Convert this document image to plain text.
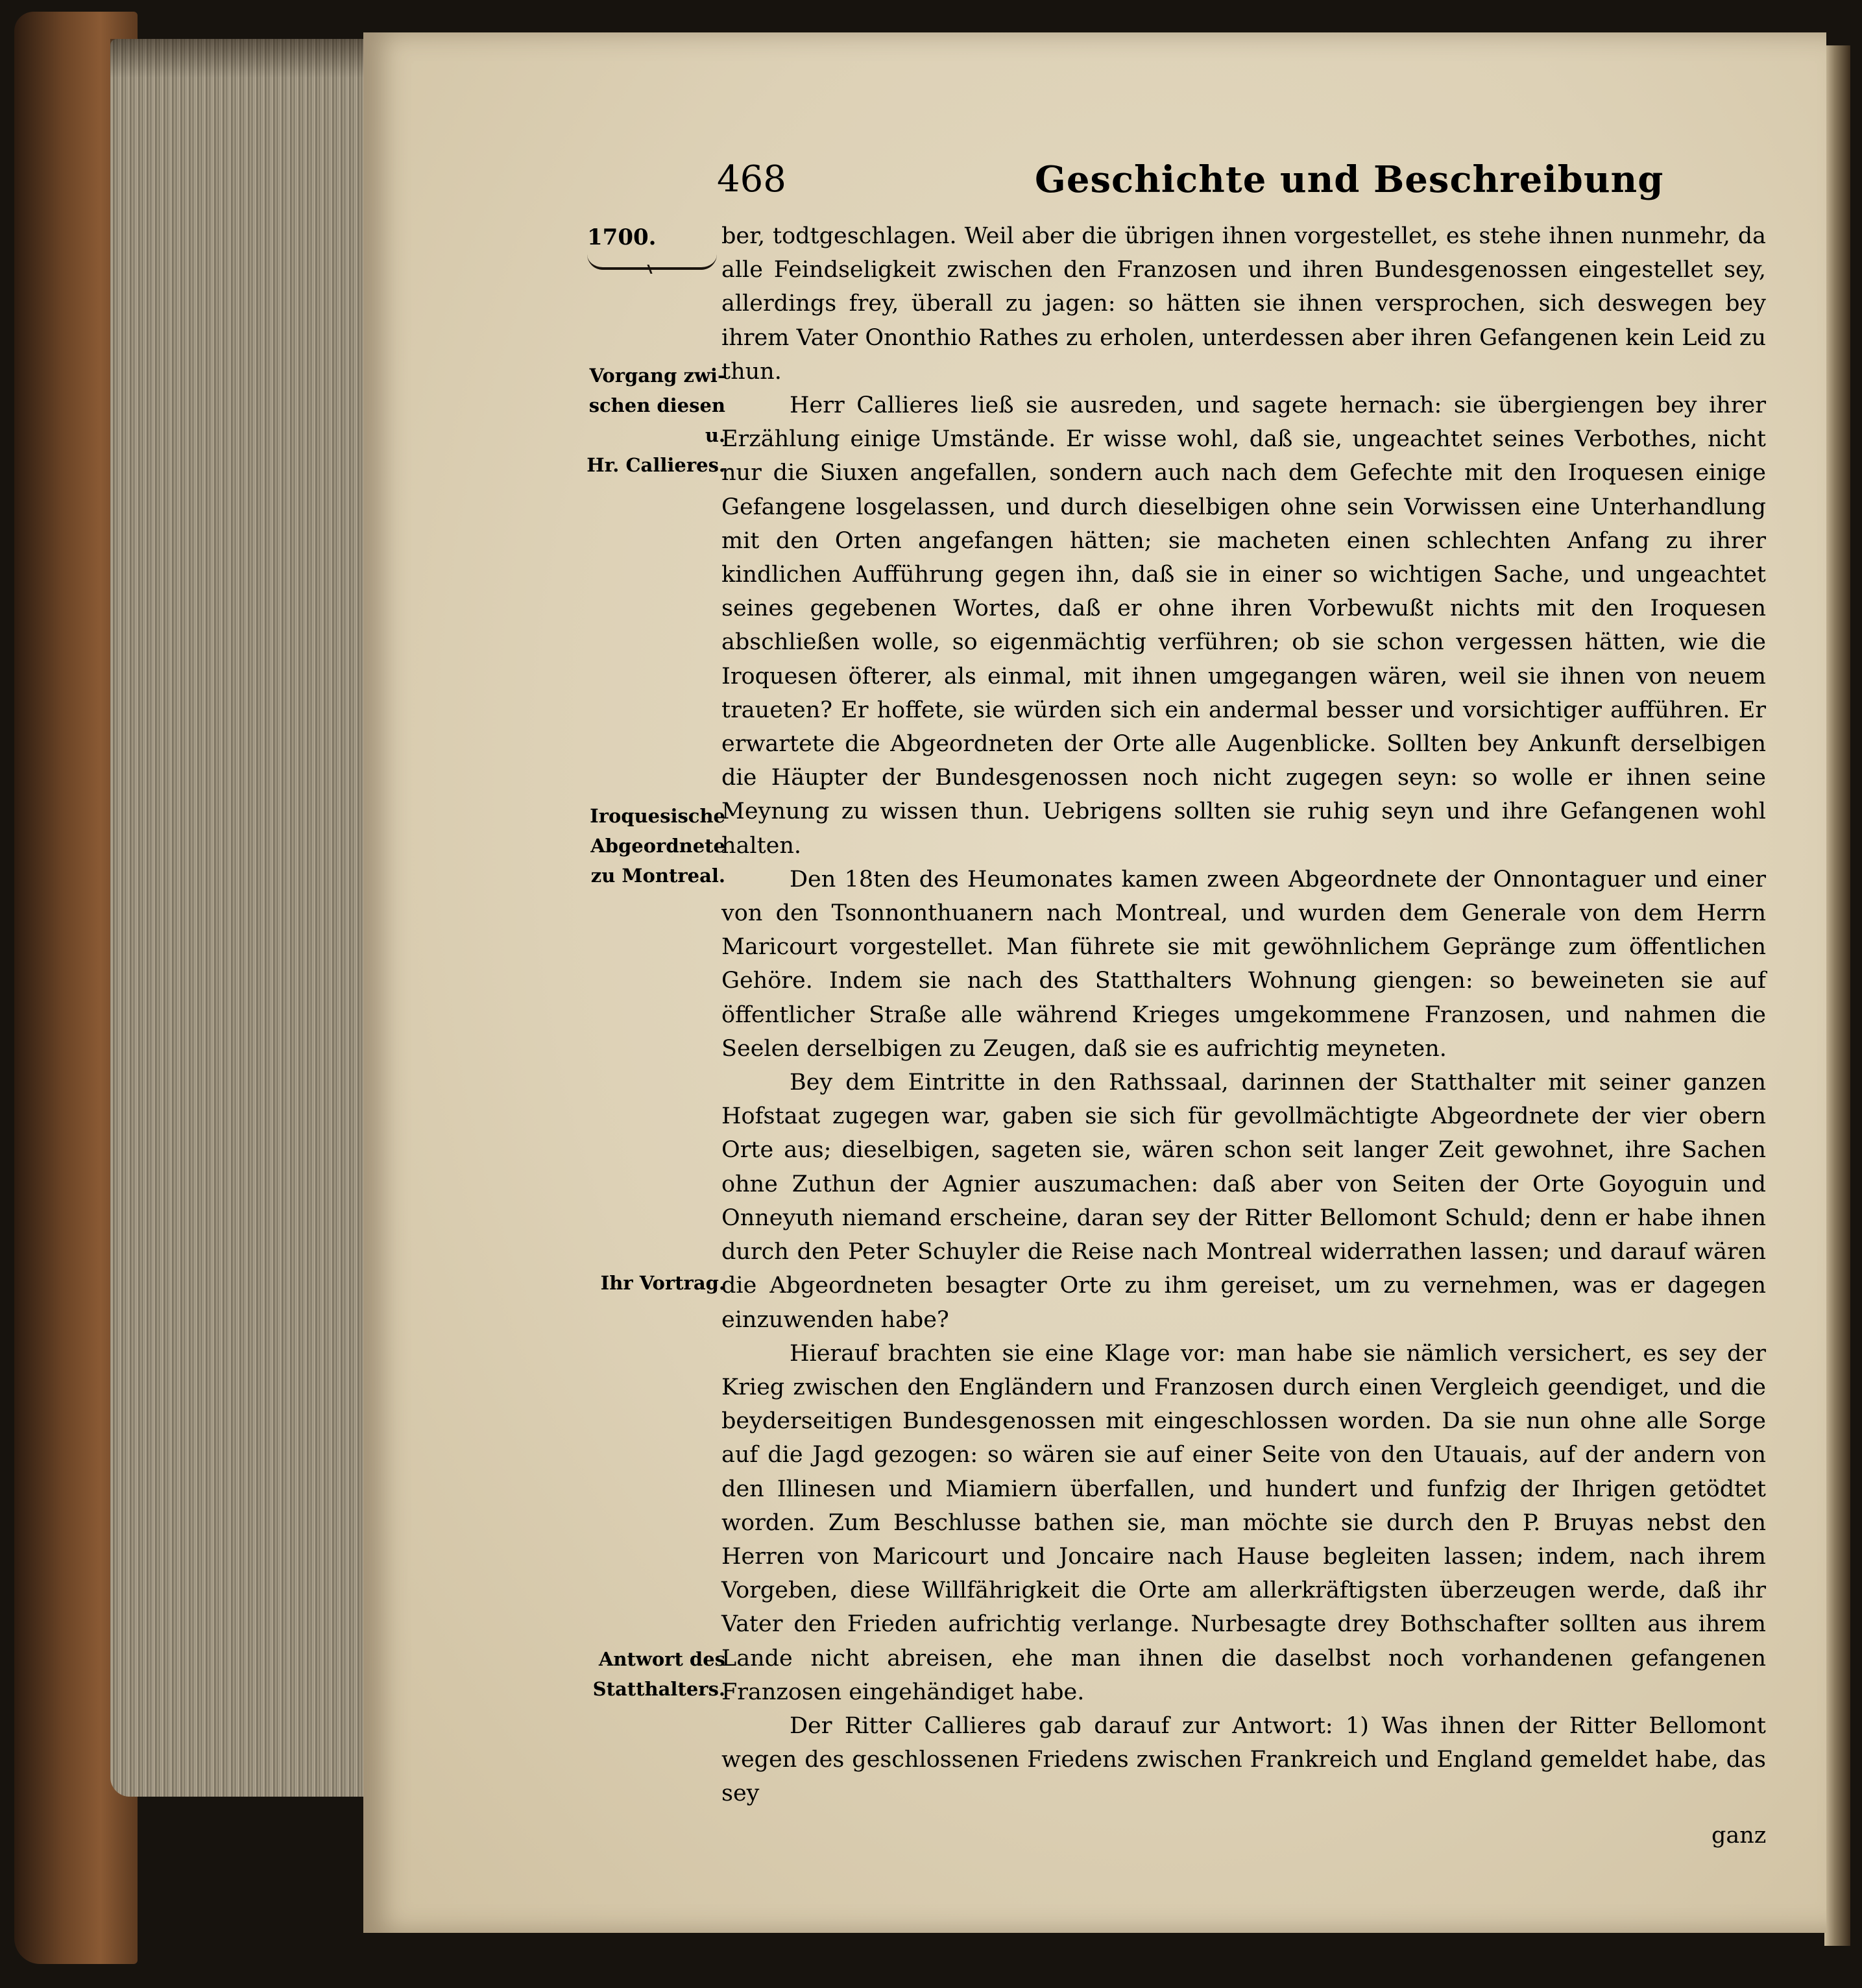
468	Geschichte und Beschreibung
1700.
Vorgang zwi-
schen diesen u.
Hr. Callieres.
Iroquesische
Abgeordnete
zu Montreal.
Ihr Vortrag.
Antwort des
Statthalters.

ber, todtgeschlagen. Weil aber die übrigen ihnen vorgestellet, es stehe ihnen nunmehr, da alle Feindseligkeit zwischen den Franzosen und ihren Bundesgenossen eingestellet sey, allerdings frey, überall zu jagen: so hätten sie ihnen versprochen, sich deswegen bey ihrem Vater Ononthio Rathes zu erholen, unterdessen aber ihren Gefangenen kein Leid zu thun.

Herr Callieres ließ sie ausreden, und sagete hernach: sie übergiengen bey ihrer Erzählung einige Umstände. Er wisse wohl, daß sie, ungeachtet seines Verbothes, nicht nur die Siuxen angefallen, sondern auch nach dem Gefechte mit den Iroquesen einige Gefangene losgelassen, und durch dieselbigen ohne sein Vorwissen eine Unterhandlung mit den Orten angefangen hätten; sie macheten einen schlechten Anfang zu ihrer kindlichen Aufführung gegen ihn, daß sie in einer so wichtigen Sache, und ungeachtet seines gegebenen Wortes, daß er ohne ihren Vorbewußt nichts mit den Iroquesen abschließen wolle, so eigenmächtig verführen; ob sie schon vergessen hätten, wie die Iroquesen öfterer, als einmal, mit ihnen umgegangen wären, weil sie ihnen von neuem traueten? Er hoffete, sie würden sich ein andermal besser und vorsichtiger aufführen. Er erwartete die Abgeordneten der Orte alle Augenblicke. Sollten bey Ankunft derselbigen die Häupter der Bundesgenossen noch nicht zugegen seyn: so wolle er ihnen seine Meynung zu wissen thun. Uebrigens sollten sie ruhig seyn und ihre Gefangenen wohl halten.

Den 18ten des Heumonates kamen zween Abgeordnete der Onnontaguer und einer von den Tsonnonthuanern nach Montreal, und wurden dem Generale von dem Herrn Maricourt vorgestellet. Man führete sie mit gewöhnlichem Gepränge zum öffentlichen Gehöre. Indem sie nach des Statthalters Wohnung giengen: so beweineten sie auf öffentlicher Straße alle während Krieges umgekommene Franzosen, und nahmen die Seelen derselbigen zu Zeugen, daß sie es aufrichtig meyneten.

Bey dem Eintritte in den Rathssaal, darinnen der Statthalter mit seiner ganzen Hofstaat zugegen war, gaben sie sich für gevollmächtigte Abgeordnete der vier obern Orte aus; dieselbigen, sageten sie, wären schon seit langer Zeit gewohnet, ihre Sachen ohne Zuthun der Agnier auszumachen: daß aber von Seiten der Orte Goyoguin und Onneyuth niemand erscheine, daran sey der Ritter Bellomont Schuld; denn er habe ihnen durch den Peter Schuyler die Reise nach Montreal widerrathen lassen; und darauf wären die Abgeordneten besagter Orte zu ihm gereiset, um zu vernehmen, was er dagegen einzuwenden habe?

Hierauf brachten sie eine Klage vor: man habe sie nämlich versichert, es sey der Krieg zwischen den Engländern und Franzosen durch einen Vergleich geendiget, und die beyderseitigen Bundesgenossen mit eingeschlossen worden. Da sie nun ohne alle Sorge auf die Jagd gezogen: so wären sie auf einer Seite von den Utauais, auf der andern von den Illinesen und Miamiern überfallen, und hundert und funfzig der Ihrigen getödtet worden. Zum Beschlusse bathen sie, man möchte sie durch den P. Bruyas nebst den Herren von Maricourt und Joncaire nach Hause begleiten lassen; indem, nach ihrem Vorgeben, diese Willfährigkeit die Orte am allerkräftigsten überzeugen werde, daß ihr Vater den Frieden aufrichtig verlange. Nurbesagte drey Bothschafter sollten aus ihrem Lande nicht abreisen, ehe man ihnen die daselbst noch vorhandenen gefangenen Franzosen eingehändiget habe.

Der Ritter Callieres gab darauf zur Antwort: 1) Was ihnen der Ritter Bellomont wegen des geschlossenen Friedens zwischen Frankreich und England gemeldet habe, das sey

ganz
